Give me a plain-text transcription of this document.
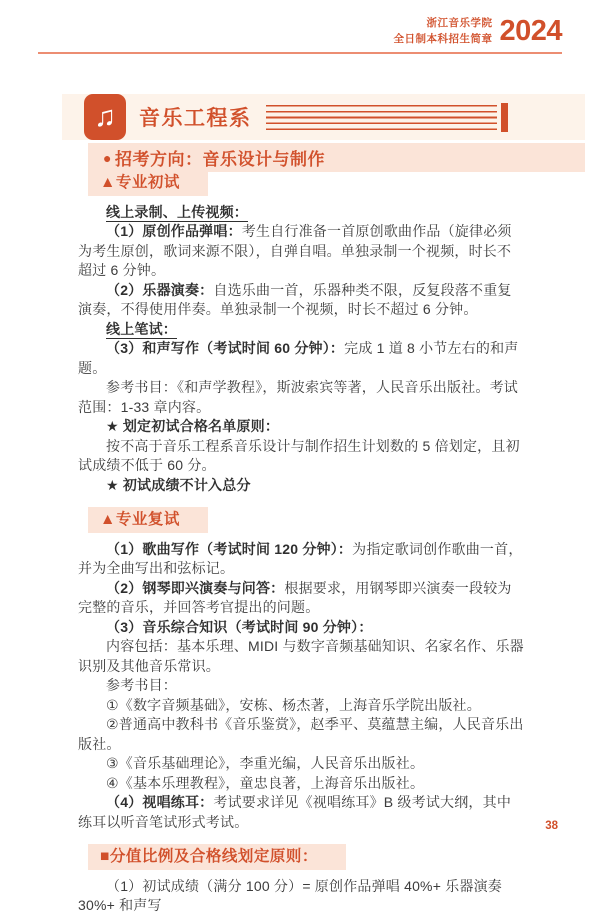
浙江音乐学院
全日制本科招生简章 2024
♫ 音乐工程系
● 招考方向：音乐设计与制作
▲专业初试

线上录制、上传视频：

（1）原创作品弹唱：考生自行准备一首原创歌曲作品（旋律必须为考生原创，歌词来源不限），自弹自唱。单独录制一个视频，时长不超过 6 分钟。

（2）乐器演奏：自选乐曲一首，乐器种类不限，反复段落不重复演奏，不得使用伴奏。单独录制一个视频，时长不超过 6 分钟。

线上笔试：

（3）和声写作（考试时间 60 分钟）：完成 1 道 8 小节左右的和声题。

参考书目：《和声学教程》，斯波索宾等著，人民音乐出版社。考试范围：1-33 章内容。

★ 划定初试合格名单原则：

按不高于音乐工程系音乐设计与制作招生计划数的 5 倍划定，且初试成绩不低于 60 分。

★ 初试成绩不计入总分

▲专业复试

（1）歌曲写作（考试时间 120 分钟）：为指定歌词创作歌曲一首，并为全曲写出和弦标记。

（2）钢琴即兴演奏与问答：根据要求，用钢琴即兴演奏一段较为完整的音乐，并回答考官提出的问题。

（3）音乐综合知识（考试时间 90 分钟）：

内容包括：基本乐理、MIDI 与数字音频基础知识、名家名作、乐器识别及其他音乐常识。

参考书目：

①《数字音频基础》，安栋、杨杰著，上海音乐学院出版社。

②普通高中教科书《音乐鉴赏》，赵季平、莫蕴慧主编，人民音乐出版社。

③《音乐基础理论》，李重光编，人民音乐出版社。

④《基本乐理教程》，童忠良著，上海音乐出版社。

（4）视唱练耳：考试要求详见《视唱练耳》B 级考试大纲，其中练耳以听音笔试形式考试。

■分值比例及合格线划定原则：

（1）初试成绩（满分 100 分）= 原创作品弹唱 40%+ 乐器演奏 30%+ 和声写

38
